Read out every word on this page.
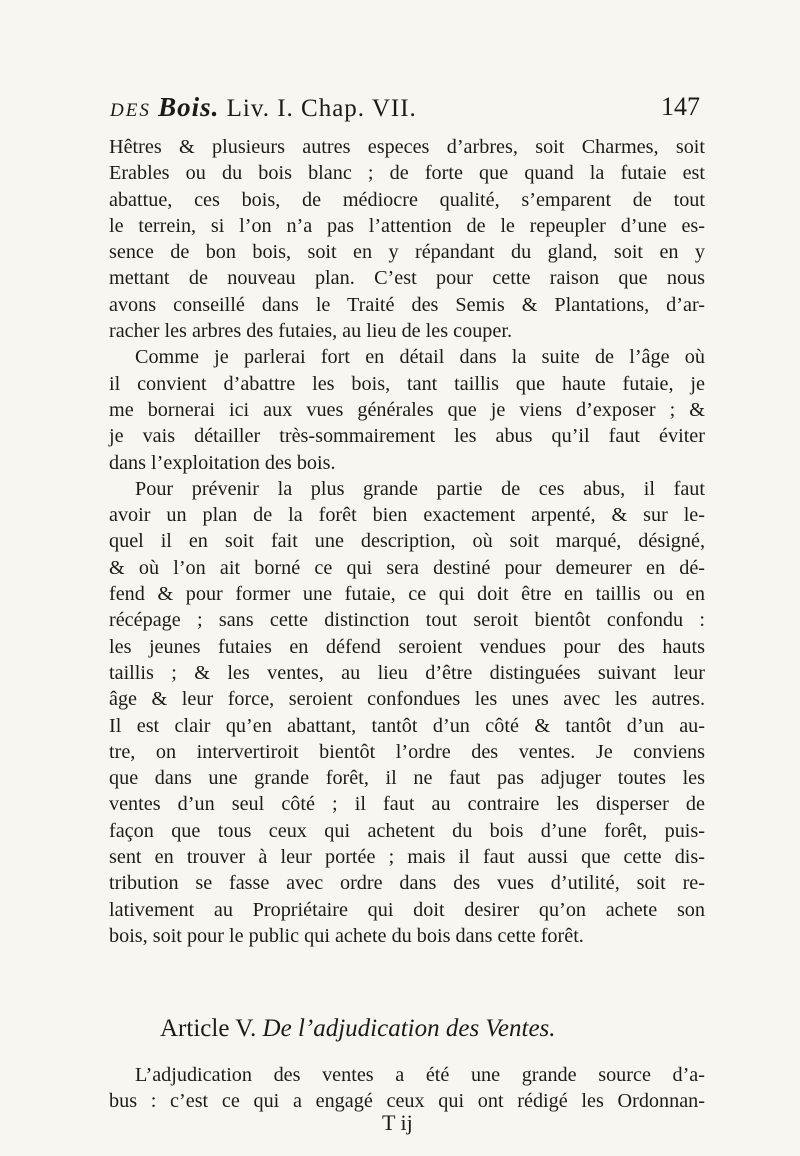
DES Bois. Liv. I. Chap. VII.	147
Hêtres & plusieurs autres especes d’arbres, soit Charmes, soit
Erables ou du bois blanc ; de forte que quand la futaie est
abattue, ces bois, de médiocre qualité, s’emparent de tout
le terrein, si l’on n’a pas l’attention de le repeupler d’une es-
sence de bon bois, soit en y répandant du gland, soit en y
mettant de nouveau plan. C’est pour cette raison que nous
avons conseillé dans le Traité des Semis & Plantations, d’ar-
racher les arbres des futaies, au lieu de les couper.
Comme je parlerai fort en détail dans la suite de l’âge où
il convient d’abattre les bois, tant taillis que haute futaie, je
me bornerai ici aux vues générales que je viens d’exposer ; &
je vais détailler très-sommairement les abus qu’il faut éviter
dans l’exploitation des bois.
Pour prévenir la plus grande partie de ces abus, il faut
avoir un plan de la forêt bien exactement arpenté, & sur le-
quel il en soit fait une description, où soit marqué, désigné,
& où l’on ait borné ce qui sera destiné pour demeurer en dé-
fend & pour former une futaie, ce qui doit être en taillis ou en
récépage ; sans cette distinction tout seroit bientôt confondu :
les jeunes futaies en défend seroient vendues pour des hauts
taillis ; & les ventes, au lieu d’être distinguées suivant leur
âge & leur force, seroient confondues les unes avec les autres.
Il est clair qu’en abattant, tantôt d’un côté & tantôt d’un au-
tre, on intervertiroit bientôt l’ordre des ventes. Je conviens
que dans une grande forêt, il ne faut pas adjuger toutes les
ventes d’un seul côté ; il faut au contraire les disperser de
façon que tous ceux qui achetent du bois d’une forêt, puis-
sent en trouver à leur portée ; mais il faut aussi que cette dis-
tribution se fasse avec ordre dans des vues d’utilité, soit re-
lativement au Propriétaire qui doit desirer qu’on achete son
bois, soit pour le public qui achete du bois dans cette forêt.
Article V. De l’adjudication des Ventes.
L’adjudication des ventes a été une grande source d’a-
bus : c’est ce qui a engagé ceux qui ont rédigé les Ordonnan-
T ij
